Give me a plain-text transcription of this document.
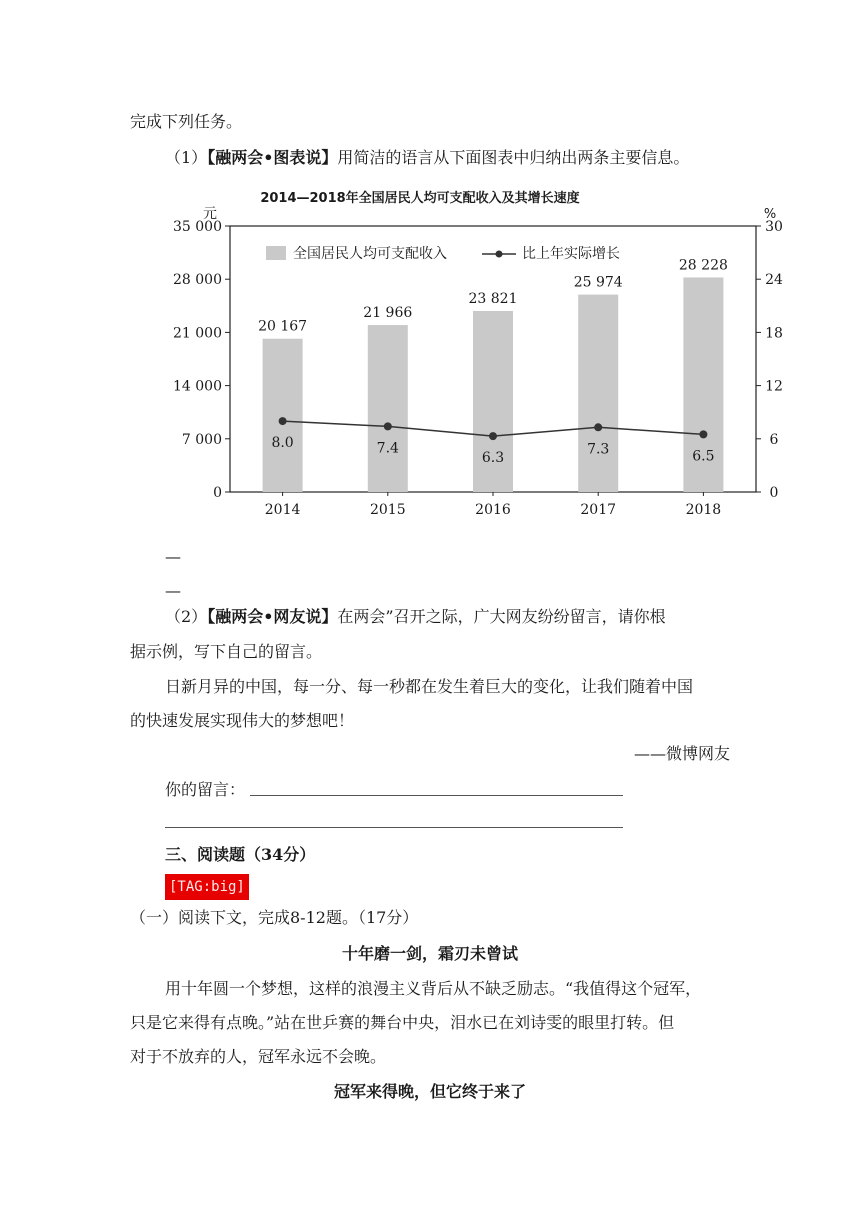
完成下列任务。
（1）【融两会•图表说】用简洁的语言从下面图表中归纳出两条主要信息。
2014—2018年全国居民人均可支配收入及其增长速度
元	%
全国居民人均可支配收入	比上年实际增长
0
7 000
14 000
21 000
28 000
35 000
0
6
12
18
24
30
20 167
2014
21 966
2015
23 821
2016
25 974
2017
28 228
2018
8.0	7.4
6.3
7.3	6.5
—
—
（2）【融两会•网友说】在两会”召开之际，广大网友纷纷留言，请你根
据示例，写下自己的留言。
日新月异的中国，每一分、每一秒都在发生着巨大的变化，让我们随着中国
的快速发展实现伟大的梦想吧！
——微博网友
你的留言：
三、阅读题（34分）
[TAG:big]
（一）阅读下文，完成8-12题。（17分）
十年磨一剑，霜刃未曾试
用十年圆一个梦想，这样的浪漫主义背后从不缺乏励志。“我值得这个冠军，
只是它来得有点晚。”站在世乒赛的舞台中央，泪水已在刘诗雯的眼里打转。但
对于不放弃的人，冠军永远不会晚。
冠军来得晚，但它终于来了
